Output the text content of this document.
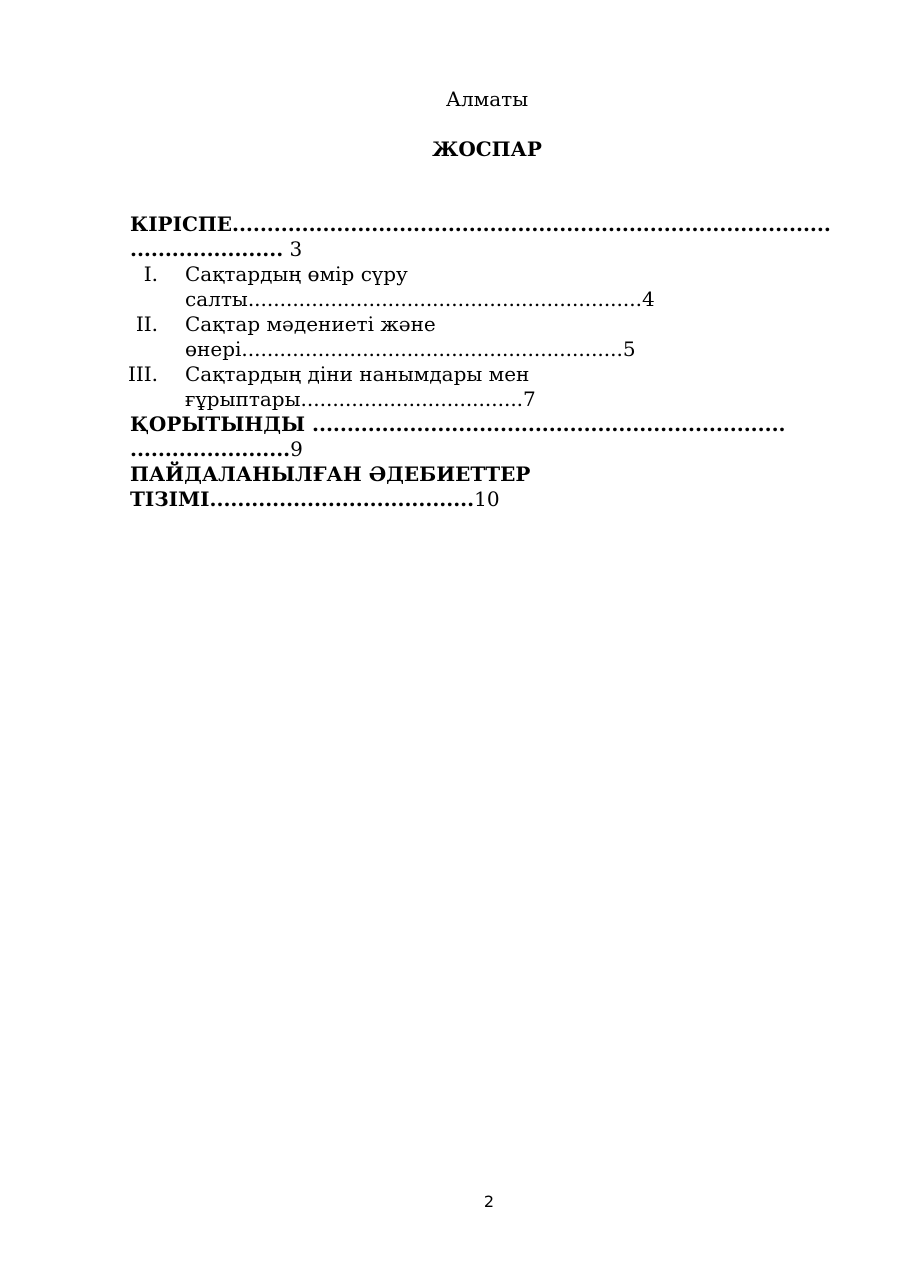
Алматы
ЖОСПАР
КІРІСПЕ......................................................................................
...................... 3
I. Сақтардың өмір сүру
салты..............................................................4
II. Сақтар мәдениеті және
өнері............................................................5
III. Сақтардың діни нанымдары мен
ғұрыптары...................................7
ҚОРЫТЫНДЫ ....................................................................
.......................9
ПАЙДАЛАНЫЛҒАН ӘДЕБИЕТТЕР
ТІЗІМІ......................................10
2
